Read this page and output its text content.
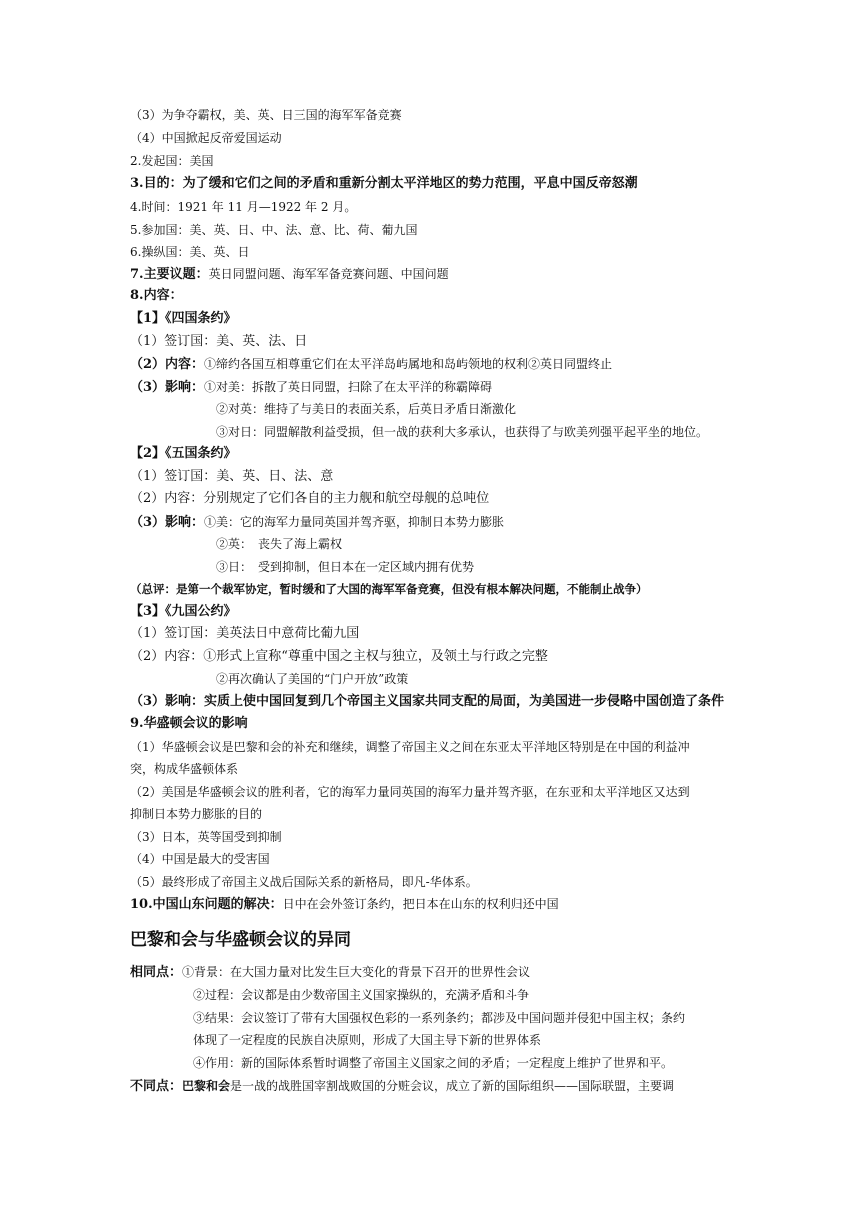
（3）为争夺霸权，美、英、日三国的海军军备竞赛
（4）中国掀起反帝爱国运动
2.发起国：美国
3.目的：为了缓和它们之间的矛盾和重新分割太平洋地区的势力范围，平息中国反帝怒潮
4.时间：1921 年 11 月—1922 年 2 月。
5.参加国：美、英、日、中、法、意、比、荷、葡九国
6.操纵国：美、英、日
7.主要议题：英日同盟问题、海军军备竞赛问题、中国问题
8.内容：
【1】《四国条约》
（1）签订国：美、英、法、日
（2）内容：①缔约各国互相尊重它们在太平洋岛屿属地和岛屿领地的权利②英日同盟终止
（3）影响：①对美：拆散了英日同盟，扫除了在太平洋的称霸障碍
②对英：维持了与美日的表面关系，后英日矛盾日渐激化
③对日：同盟解散利益受损，但一战的获利大多承认，也获得了与欧美列强平起平坐的地位。
【2】《五国条约》
（1）签订国：美、英、日、法、意
（2）内容：分别规定了它们各自的主力舰和航空母舰的总吨位
（3）影响：①美：它的海军力量同英国并驾齐驱，抑制日本势力膨胀
②英：　丧失了海上霸权
③日：　受到抑制，但日本在一定区域内拥有优势
（总评：是第一个裁军协定，暂时缓和了大国的海军军备竞赛，但没有根本解决问题，不能制止战争）
【3】《九国公约》
（1）签订国：美英法日中意荷比葡九国
（2）内容：①形式上宣称“尊重中国之主权与独立，及领土与行政之完整
②再次确认了美国的“门户开放”政策
（3）影响：实质上使中国回复到几个帝国主义国家共同支配的局面，为美国进一步侵略中国创造了条件
9.华盛顿会议的影响
（1）华盛顿会议是巴黎和会的补充和继续，调整了帝国主义之间在东亚太平洋地区特别是在中国的利益冲
突，构成华盛顿体系
（2）美国是华盛顿会议的胜利者，它的海军力量同英国的海军力量并驾齐驱，在东亚和太平洋地区又达到
抑制日本势力膨胀的目的
（3）日本，英等国受到抑制
（4）中国是最大的受害国
（5）最终形成了帝国主义战后国际关系的新格局，即凡-华体系。
10.中国山东问题的解决：日中在会外签订条约，把日本在山东的权利归还中国
巴黎和会与华盛顿会议的异同
相同点：①背景：在大国力量对比发生巨大变化的背景下召开的世界性会议
②过程：会议都是由少数帝国主义国家操纵的，充满矛盾和斗争
③结果：会议签订了带有大国强权色彩的一系列条约；都涉及中国问题并侵犯中国主权；条约
体现了一定程度的民族自决原则，形成了大国主导下新的世界体系
④作用：新的国际体系暂时调整了帝国主义国家之间的矛盾；一定程度上维护了世界和平。
不同点：巴黎和会是一战的战胜国宰割战败国的分赃会议，成立了新的国际组织——国际联盟，主要调
